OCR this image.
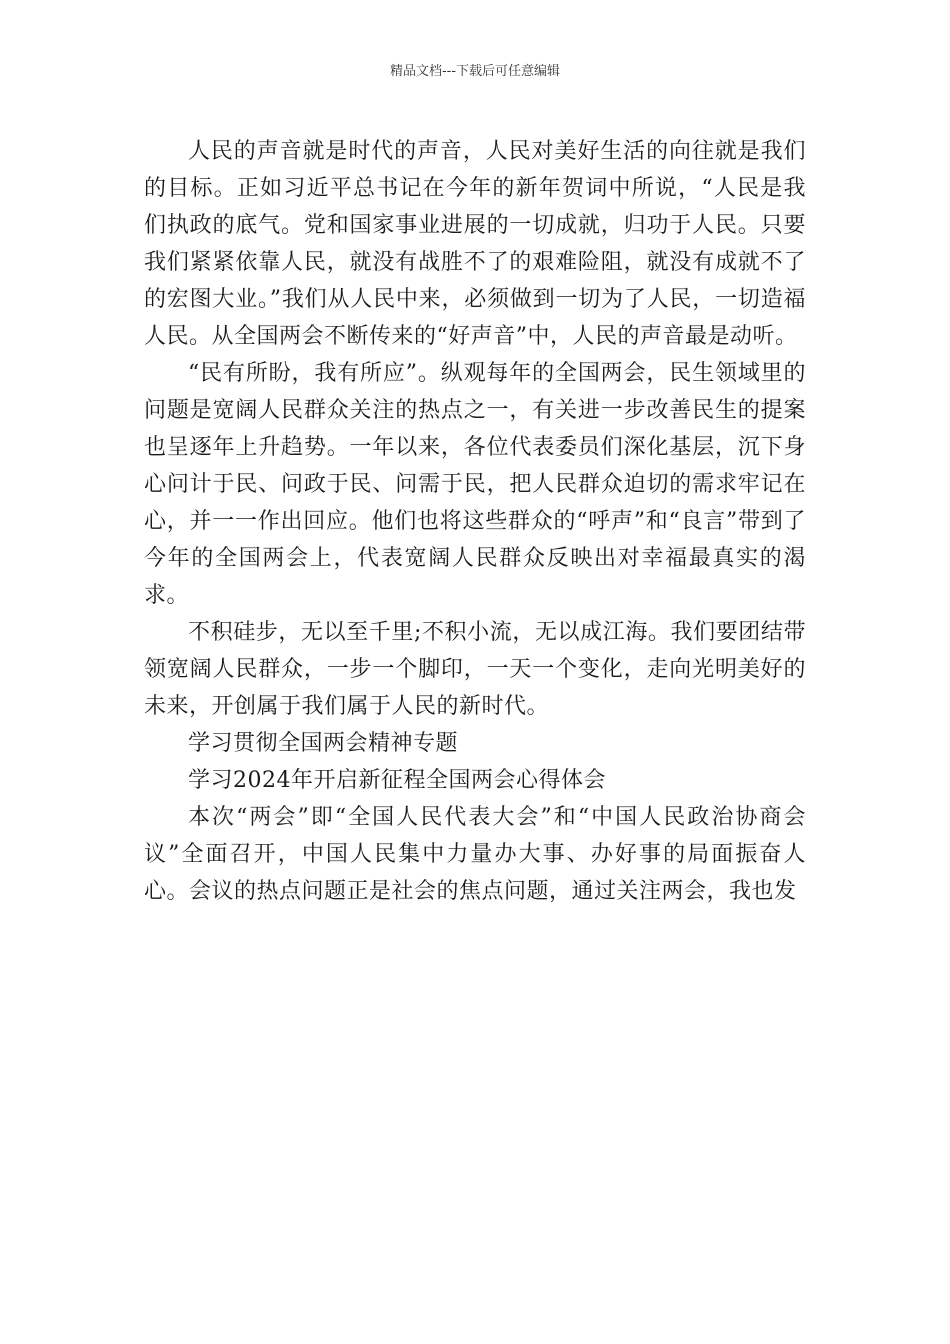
精品文档---下载后可任意编辑

人民的声音就是时代的声音，人民对美好生活的向往就是我们的目标。正如习近平总书记在今年的新年贺词中所说，“人民是我们执政的底气。党和国家事业进展的一切成就，归功于人民。只要我们紧紧依靠人民，就没有战胜不了的艰难险阻，就没有成就不了的宏图大业。”我们从人民中来，必须做到一切为了人民，一切造福人民。从全国两会不断传来的“好声音”中，人民的声音最是动听。

“民有所盼，我有所应”。纵观每年的全国两会，民生领域里的问题是宽阔人民群众关注的热点之一，有关进一步改善民生的提案也呈逐年上升趋势。一年以来，各位代表委员们深化基层，沉下身心问计于民、问政于民、问需于民，把人民群众迫切的需求牢记在心，并一一作出回应。他们也将这些群众的“呼声”和“良言”带到了今年的全国两会上，代表宽阔人民群众反映出对幸福最真实的渴求。

不积硅步，无以至千里;不积小流，无以成江海。我们要团结带领宽阔人民群众，一步一个脚印，一天一个变化，走向光明美好的未来，开创属于我们属于人民的新时代。

学习贯彻全国两会精神专题

学习2024年开启新征程全国两会心得体会

本次“两会”即“全国人民代表大会”和“中国人民政治协商会议”全面召开，中国人民集中力量办大事、办好事的局面振奋人心。会议的热点问题正是社会的焦点问题，通过关注两会，我也发
